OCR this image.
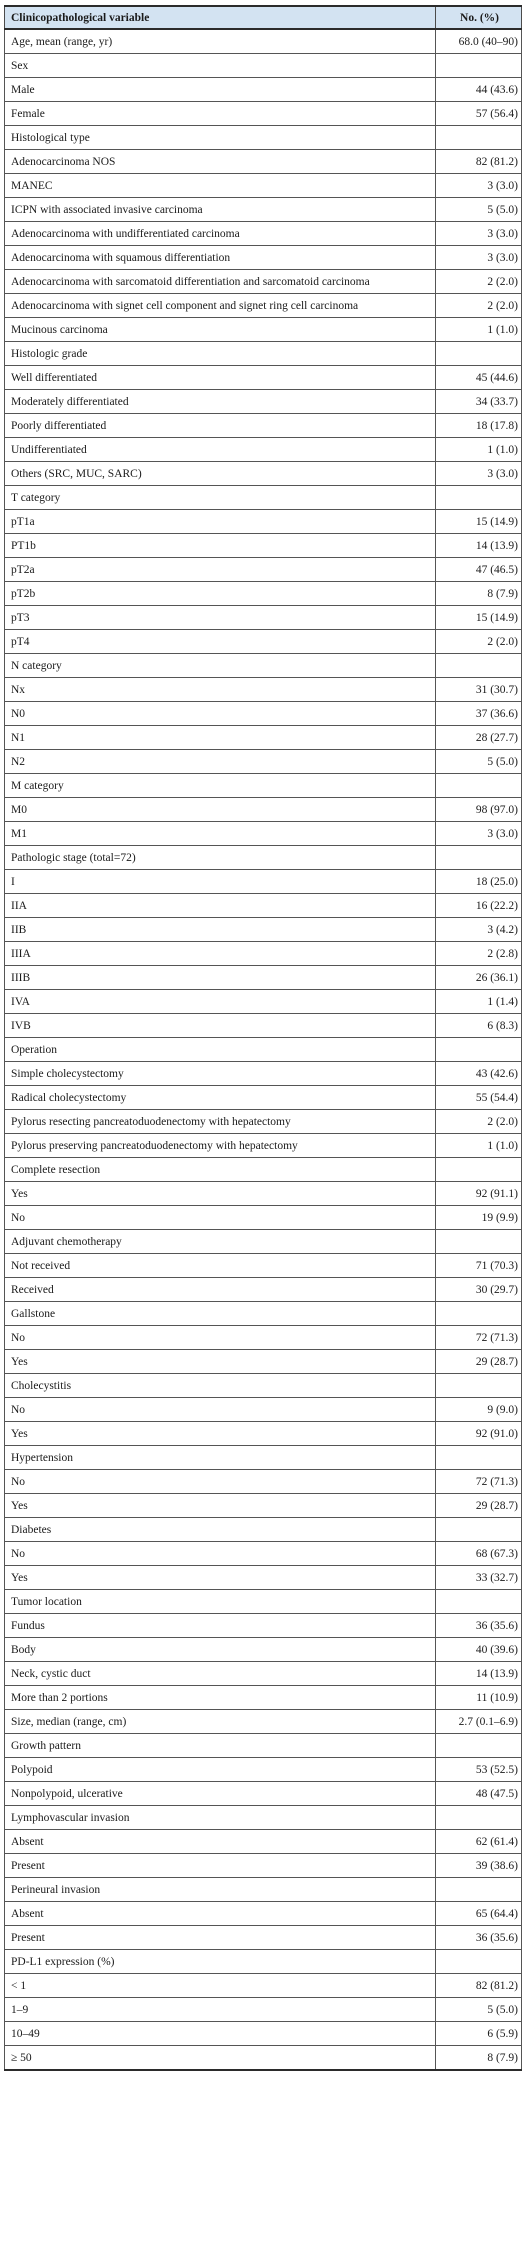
Clinicopathological variable	No. (%)
Age, mean (range, yr)	68.0 (40–90)
Sex	
Male	44 (43.6)
Female	57 (56.4)
Histological type	
Adenocarcinoma NOS	82 (81.2)
MANEC	3 (3.0)
ICPN with associated invasive carcinoma	5 (5.0)
Adenocarcinoma with undifferentiated carcinoma	3 (3.0)
Adenocarcinoma with squamous differentiation	3 (3.0)
Adenocarcinoma with sarcomatoid differentiation and sarcomatoid carcinoma	2 (2.0)
Adenocarcinoma with signet cell component and signet ring cell carcinoma	2 (2.0)
Mucinous carcinoma	1 (1.0)
Histologic grade	
Well differentiated	45 (44.6)
Moderately differentiated	34 (33.7)
Poorly differentiated	18 (17.8)
Undifferentiated	1 (1.0)
Others (SRC, MUC, SARC)	3 (3.0)
T category	
pT1a	15 (14.9)
PT1b	14 (13.9)
pT2a	47 (46.5)
pT2b	8 (7.9)
pT3	15 (14.9)
pT4	2 (2.0)
N category	
Nx	31 (30.7)
N0	37 (36.6)
N1	28 (27.7)
N2	5 (5.0)
M category	
M0	98 (97.0)
M1	3 (3.0)
Pathologic stage (total=72)	
I	18 (25.0)
IIA	16 (22.2)
IIB	3 (4.2)
IIIA	2 (2.8)
IIIB	26 (36.1)
IVA	1 (1.4)
IVB	6 (8.3)
Operation	
Simple cholecystectomy	43 (42.6)
Radical cholecystectomy	55 (54.4)
Pylorus resecting pancreatoduodenectomy with hepatectomy	2 (2.0)
Pylorus preserving pancreatoduodenectomy with hepatectomy	1 (1.0)
Complete resection	
Yes	92 (91.1)
No	19 (9.9)
Adjuvant chemotherapy	
Not received	71 (70.3)
Received	30 (29.7)
Gallstone	
No	72 (71.3)
Yes	29 (28.7)
Cholecystitis	
No	9 (9.0)
Yes	92 (91.0)
Hypertension	
No	72 (71.3)
Yes	29 (28.7)
Diabetes	
No	68 (67.3)
Yes	33 (32.7)
Tumor location	
Fundus	36 (35.6)
Body	40 (39.6)
Neck, cystic duct	14 (13.9)
More than 2 portions	11 (10.9)
Size, median (range, cm)	2.7 (0.1–6.9)
Growth pattern	
Polypoid	53 (52.5)
Nonpolypoid, ulcerative	48 (47.5)
Lymphovascular invasion	
Absent	62 (61.4)
Present	39 (38.6)
Perineural invasion	
Absent	65 (64.4)
Present	36 (35.6)
PD-L1 expression (%)	
< 1	82 (81.2)
1–9	5 (5.0)
10–49	6 (5.9)
≥ 50	8 (7.9)
